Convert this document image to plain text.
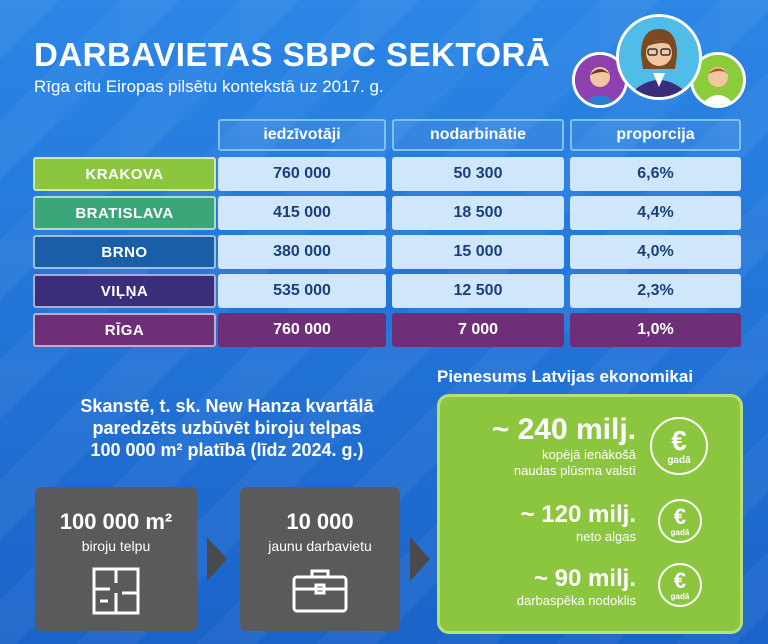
DARBAVIETAS SBPC SEKTORĀ
Rīga citu Eiropas pilsētu kontekstā uz 2017. g.
iedzīvotāji	nodarbinātie	proporcija
KRAKOVA	760 000	50 300	6,6%
BRATISLAVA	415 000	18 500	4,4%
BRNO	380 000	15 000	4,0%
VIĻŅA	535 000	12 500	2,3%
RĪGA	760 000	7 000	1,0%
Pienesums Latvijas ekonomikai
Skanstē, t. sk. New Hanza kvartālā
paredzēts uzbūvēt biroju telpas
100 000 m² platībā (līdz 2024. g.)
100 000 m²
biroju telpu
10 000
jaunu darbavietu
~ 240 milj.
kopējā ienākošā
naudas plūsma valstī
€
gadā
~ 120 milj.
neto algas
€
gadā
~ 90 milj.
darbaspēka nodoklis
€
gadā
